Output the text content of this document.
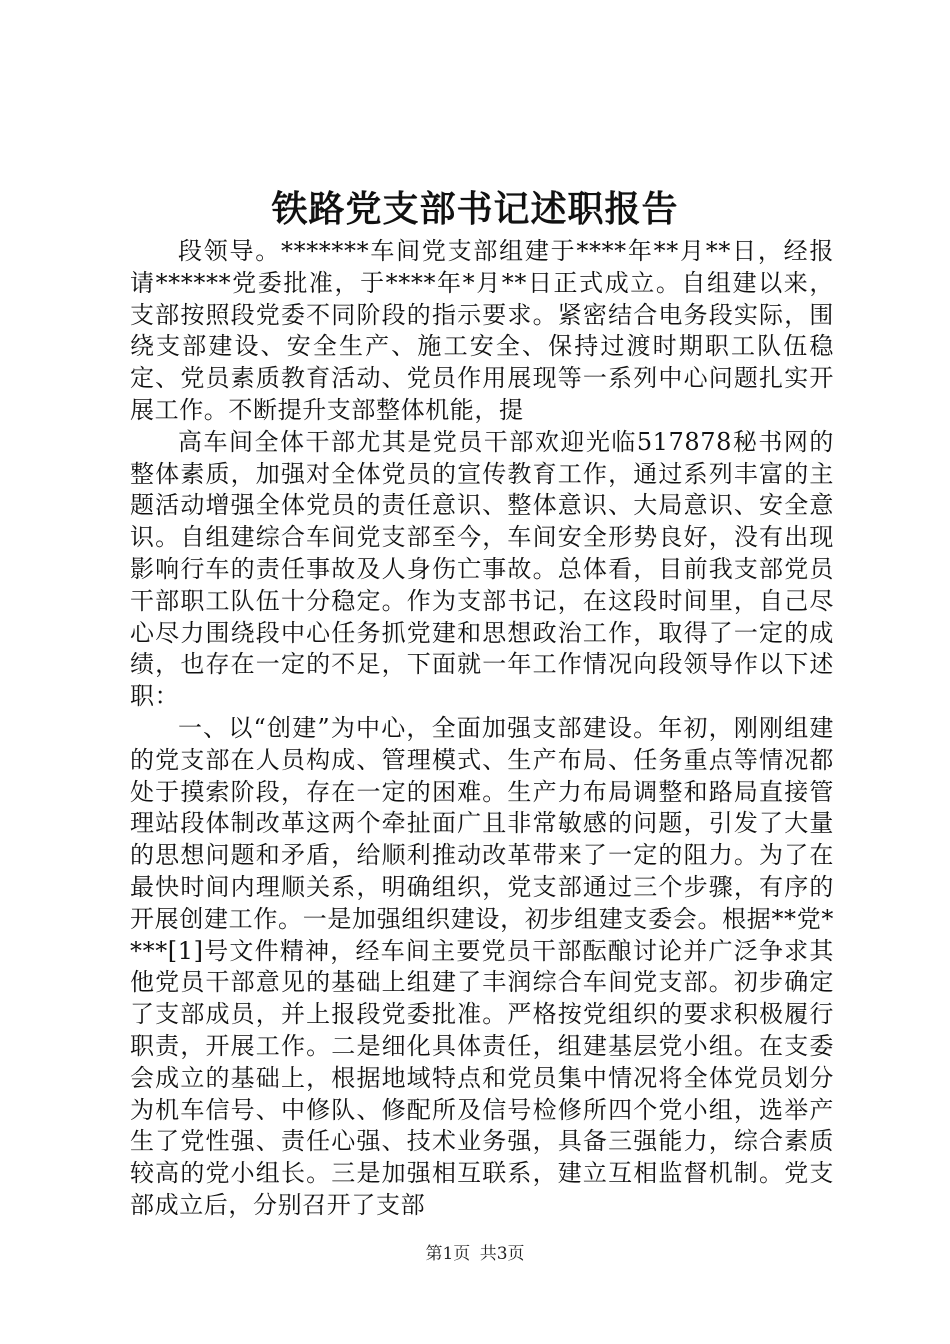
铁路党支部书记述职报告

段领导。*******车间党支部组建于****年**月**日，经报请******党委批准，于****年*月**日正式成立。自组建以来，支部按照段党委不同阶段的指示要求。紧密结合电务段实际，围绕支部建设、安全生产、施工安全、保持过渡时期职工队伍稳定、党员素质教育活动、党员作用展现等一系列中心问题扎实开展工作。不断提升支部整体机能，提

高车间全体干部尤其是党员干部欢迎光临517878秘书网的整体素质，加强对全体党员的宣传教育工作，通过系列丰富的主题活动增强全体党员的责任意识、整体意识、大局意识、安全意识。自组建综合车间党支部至今，车间安全形势良好，没有出现影响行车的责任事故及人身伤亡事故。总体看，目前我支部党员干部职工队伍十分稳定。作为支部书记，在这段时间里，自己尽心尽力围绕段中心任务抓党建和思想政治工作，取得了一定的成绩，也存在一定的不足，下面就一年工作情况向段领导作以下述职：

一、以“创建”为中心，全面加强支部建设。年初，刚刚组建的党支部在人员构成、管理模式、生产布局、任务重点等情况都处于摸索阶段，存在一定的困难。生产力布局调整和路局直接管理站段体制改革这两个牵扯面广且非常敏感的问题，引发了大量的思想问题和矛盾，给顺利推动改革带来了一定的阻力。为了在最快时间内理顺关系，明确组织，党支部通过三个步骤，有序的开展创建工作。一是加强组织建设，初步组建支委会。根据**党****[1]号文件精神，经车间主要党员干部酝酿讨论并广泛争求其他党员干部意见的基础上组建了丰润综合车间党支部。初步确定了支部成员，并上报段党委批准。严格按党组织的要求积极履行职责，开展工作。二是细化具体责任，组建基层党小组。在支委会成立的基础上，根据地域特点和党员集中情况将全体党员划分为机车信号、中修队、修配所及信号检修所四个党小组，选举产生了党性强、责任心强、技术业务强，具备三强能力，综合素质较高的党小组长。三是加强相互联系，建立互相监督机制。党支部成立后，分别召开了支部

第1页 共3页
